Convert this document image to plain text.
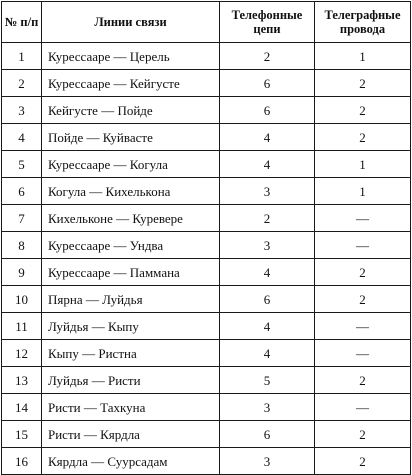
№ п/п	Линии связи	Телефонные цепи	Телеграфные провода
1	Курессааре — Церель	2	1
2	Курессааре — Кейгусте	6	2
3	Кейгусте — Пойде	6	2
4	Пойде — Куйвасте	4	2
5	Курессааре — Когула	4	1
6	Когула — Кихелькона	3	1
7	Кихельконе — Куревере	2	—
8	Курессааре — Ундва	3	—
9	Курессааре — Паммана	4	2
10	Пярна — Луйдья	6	2
11	Луйдья — Кыпу	4	—
12	Кыпу — Ристна	4	—
13	Луйдья — Ристи	5	2
14	Ристи — Тахкуна	3	—
15	Ристи — Кярдла	6	2
16	Кярдла — Суурсадам	3	2
